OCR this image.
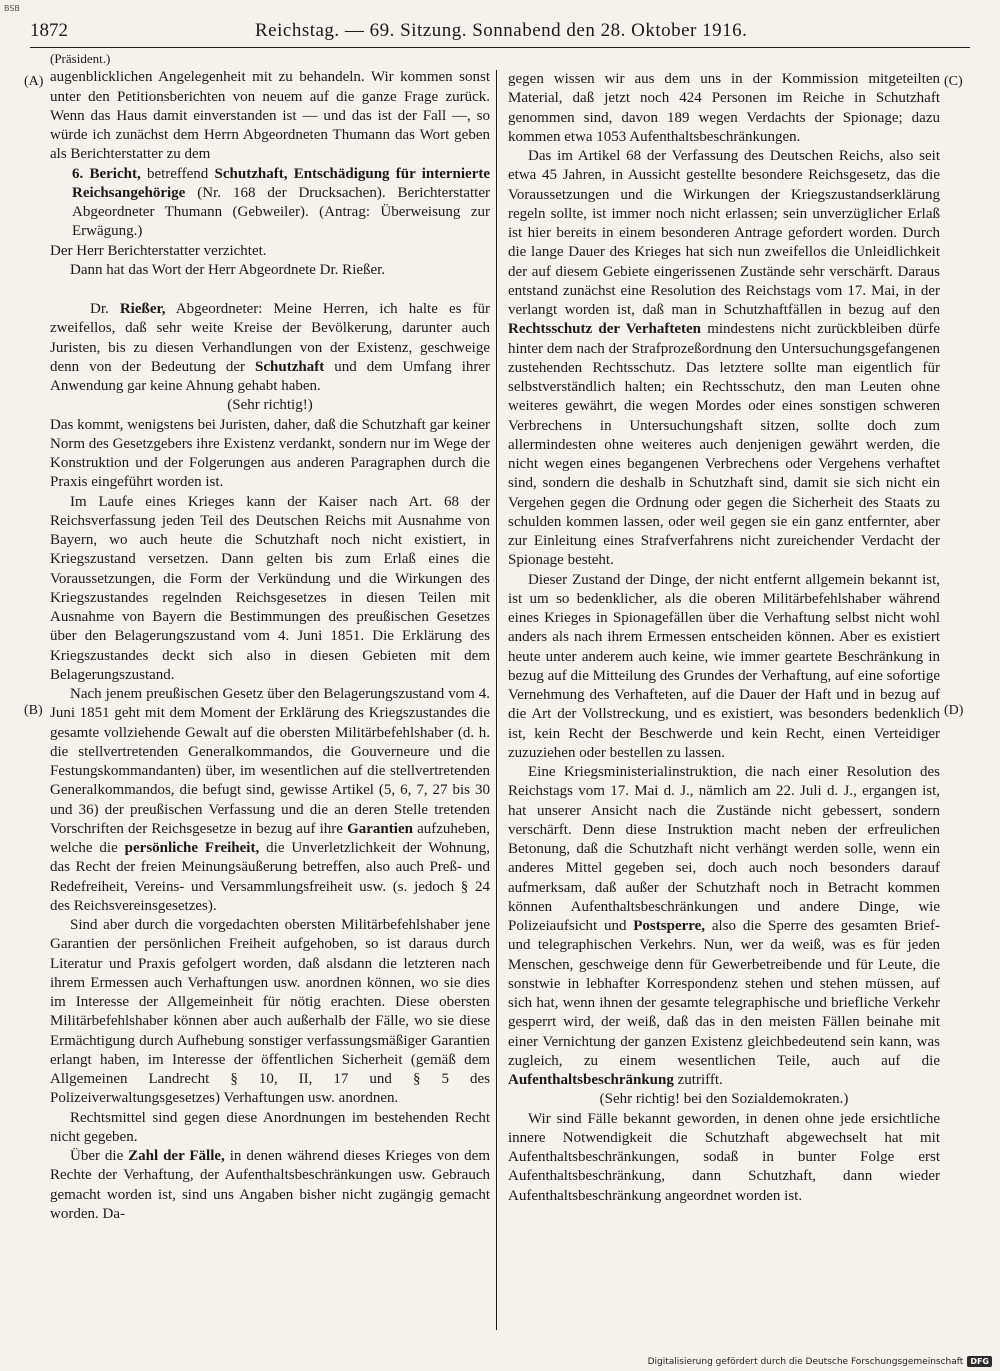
BSB
1872	Reichstag. — 69. Sitzung. Sonnabend den 28. Oktober 1916.
(A)
(B)
(C)
(D)

(Präsident.)

augenblicklichen Angelegenheit mit zu behandeln. Wir kommen sonst unter den Petitionsberichten von neuem auf die ganze Frage zurück. Wenn das Haus damit einverstanden ist — und das ist der Fall —, so würde ich zunächst dem Herrn Abgeordneten Thumann das Wort geben als Berichterstatter zu dem

6. Bericht, betreffend Schutzhaft, Entschädigung für internierte Reichsangehörige (Nr. 168 der Drucksachen). Berichterstatter Abgeordneter Thumann (Gebweiler). (Antrag: Überweisung zur Erwägung.)

Der Herr Berichterstatter verzichtet.

Dann hat das Wort der Herr Abgeordnete Dr. Rießer.

Dr. Rießer, Abgeordneter: Meine Herren, ich halte es für zweifellos, daß sehr weite Kreise der Bevölkerung, darunter auch Juristen, bis zu diesen Verhandlungen von der Existenz, geschweige denn von der Bedeutung der Schutzhaft und dem Umfang ihrer Anwendung gar keine Ahnung gehabt haben.

(Sehr richtig!)

Das kommt, wenigstens bei Juristen, daher, daß die Schutzhaft gar keiner Norm des Gesetzgebers ihre Existenz verdankt, sondern nur im Wege der Konstruktion und der Folgerungen aus anderen Paragraphen durch die Praxis eingeführt worden ist.

Im Laufe eines Krieges kann der Kaiser nach Art. 68 der Reichsverfassung jeden Teil des Deutschen Reichs mit Ausnahme von Bayern, wo auch heute die Schutzhaft noch nicht existiert, in Kriegszustand versetzen. Dann gelten bis zum Erlaß eines die Voraussetzungen, die Form der Verkündung und die Wirkungen des Kriegszustandes regelnden Reichsgesetzes in diesen Teilen mit Ausnahme von Bayern die Bestimmungen des preußischen Gesetzes über den Belagerungszustand vom 4. Juni 1851. Die Erklärung des Kriegszustandes deckt sich also in diesen Gebieten mit dem Belagerungszustand.

Nach jenem preußischen Gesetz über den Belagerungszustand vom 4. Juni 1851 geht mit dem Moment der Erklärung des Kriegszustandes die gesamte vollziehende Gewalt auf die obersten Militärbefehlshaber (d. h. die stellvertretenden Generalkommandos, die Gouverneure und die Festungskommandanten) über, im wesentlichen auf die stellvertretenden Generalkommandos, die befugt sind, gewisse Artikel (5, 6, 7, 27 bis 30 und 36) der preußischen Verfassung und die an deren Stelle tretenden Vorschriften der Reichsgesetze in bezug auf ihre Garantien aufzuheben, welche die persönliche Freiheit, die Unverletzlichkeit der Wohnung, das Recht der freien Meinungsäußerung betreffen, also auch Preß- und Redefreiheit, Vereins- und Versammlungsfreiheit usw. (s. jedoch § 24 des Reichsvereinsgesetzes).

Sind aber durch die vorgedachten obersten Militärbefehlshaber jene Garantien der persönlichen Freiheit aufgehoben, so ist daraus durch Literatur und Praxis gefolgert worden, daß alsdann die letzteren nach ihrem Ermessen auch Verhaftungen usw. anordnen können, wo sie dies im Interesse der Allgemeinheit für nötig erachten. Diese obersten Militärbefehlshaber können aber auch außerhalb der Fälle, wo sie diese Ermächtigung durch Aufhebung sonstiger verfassungsmäßiger Garantien erlangt haben, im Interesse der öffentlichen Sicherheit (gemäß dem Allgemeinen Landrecht § 10, II, 17 und § 5 des Polizeiverwaltungsgesetzes) Verhaftungen usw. anordnen.

Rechtsmittel sind gegen diese Anordnungen im bestehenden Recht nicht gegeben.

Über die Zahl der Fälle, in denen während dieses Krieges von dem Rechte der Verhaftung, der Aufenthaltsbeschränkungen usw. Gebrauch gemacht worden ist, sind uns Angaben bisher nicht zugängig gemacht worden. Da-

gegen wissen wir aus dem uns in der Kommission mitgeteilten Material, daß jetzt noch 424 Personen im Reiche in Schutzhaft genommen sind, davon 189 wegen Verdachts der Spionage; dazu kommen etwa 1053 Aufenthaltsbeschränkungen.

Das im Artikel 68 der Verfassung des Deutschen Reichs, also seit etwa 45 Jahren, in Aussicht gestellte besondere Reichsgesetz, das die Voraussetzungen und die Wirkungen der Kriegszustandserklärung regeln sollte, ist immer noch nicht erlassen; sein unverzüglicher Erlaß ist hier bereits in einem besonderen Antrage gefordert worden. Durch die lange Dauer des Krieges hat sich nun zweifellos die Unleidlichkeit der auf diesem Gebiete eingerissenen Zustände sehr verschärft. Daraus entstand zunächst eine Resolution des Reichstags vom 17. Mai, in der verlangt worden ist, daß man in Schutzhaftfällen in bezug auf den Rechtsschutz der Verhafteten mindestens nicht zurückbleiben dürfe hinter dem nach der Strafprozeßordnung den Untersuchungsgefangenen zustehenden Rechtsschutz. Das letztere sollte man eigentlich für selbstverständlich halten; ein Rechtsschutz, den man Leuten ohne weiteres gewährt, die wegen Mordes oder eines sonstigen schweren Verbrechens in Untersuchungshaft sitzen, sollte doch zum allermindesten ohne weiteres auch denjenigen gewährt werden, die nicht wegen eines begangenen Verbrechens oder Vergehens verhaftet sind, sondern die deshalb in Schutzhaft sind, damit sie sich nicht ein Vergehen gegen die Ordnung oder gegen die Sicherheit des Staats zu schulden kommen lassen, oder weil gegen sie ein ganz entfernter, aber zur Einleitung eines Strafverfahrens nicht zureichender Verdacht der Spionage besteht.

Dieser Zustand der Dinge, der nicht entfernt allgemein bekannt ist, ist um so bedenklicher, als die oberen Militärbefehlshaber während eines Krieges in Spionagefällen über die Verhaftung selbst nicht wohl anders als nach ihrem Ermessen entscheiden können. Aber es existiert heute unter anderem auch keine, wie immer geartete Beschränkung in bezug auf die Mitteilung des Grundes der Verhaftung, auf eine sofortige Vernehmung des Verhafteten, auf die Dauer der Haft und in bezug auf die Art der Vollstreckung, und es existiert, was besonders bedenklich ist, kein Recht der Beschwerde und kein Recht, einen Verteidiger zuzuziehen oder bestellen zu lassen.

Eine Kriegsministerialinstruktion, die nach einer Resolution des Reichstags vom 17. Mai d. J., nämlich am 22. Juli d. J., ergangen ist, hat unserer Ansicht nach die Zustände nicht gebessert, sondern verschärft. Denn diese Instruktion macht neben der erfreulichen Betonung, daß die Schutzhaft nicht verhängt werden solle, wenn ein anderes Mittel gegeben sei, doch auch noch besonders darauf aufmerksam, daß außer der Schutzhaft noch in Betracht kommen können Aufenthaltsbeschränkungen und andere Dinge, wie Polizeiaufsicht und Postsperre, also die Sperre des gesamten Brief- und telegraphischen Verkehrs. Nun, wer da weiß, was es für jeden Menschen, geschweige denn für Gewerbetreibende und für Leute, die sonstwie in lebhafter Korrespondenz stehen und stehen müssen, auf sich hat, wenn ihnen der gesamte telegraphische und briefliche Verkehr gesperrt wird, der weiß, daß das in den meisten Fällen beinahe mit einer Vernichtung der ganzen Existenz gleichbedeutend sein kann, was zugleich, zu einem wesentlichen Teile, auch auf die Aufenthaltsbeschränkung zutrifft.

(Sehr richtig! bei den Sozialdemokraten.)

Wir sind Fälle bekannt geworden, in denen ohne jede ersichtliche innere Notwendigkeit die Schutzhaft abgewechselt hat mit Aufenthaltsbeschränkungen, sodaß in bunter Folge erst Aufenthaltsbeschränkung, dann Schutzhaft, dann wieder Aufenthaltsbeschränkung angeordnet worden ist.

Digitalisierung gefördert durch die Deutsche Forschungsgemeinschaft DFG
